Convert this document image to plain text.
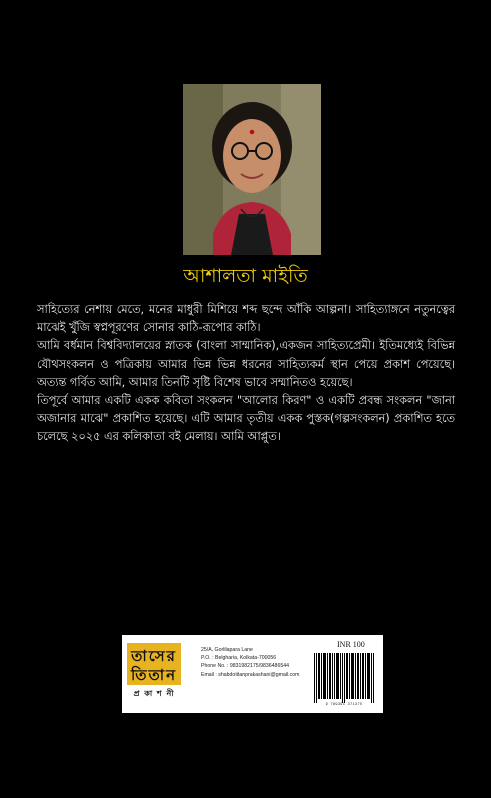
আশালতা মাইতি

সাহিত্যের নেশায় মেতে, মনের মাধুরী মিশিয়ে শব্দ ছন্দে আঁকি আল্পনা। সাহিত্যাঙ্গনে নতুনত্বের মাঝেই খুঁজি স্বপ্নপূরণের সোনার কাঠি-রূপোর কাঠি।

আমি বর্ধমান বিশ্ববিদ্যালয়ের স্নাতক (বাংলা সাম্মানিক),একজন সাহিত্যপ্রেমী। ইতিমধ্যেই বিভিন্ন যৌথসংকলন ও পত্রিকায় আমার ভিন্ন ভিন্ন ধরনের সাহিত্যকর্ম স্থান পেয়ে প্রকাশ পেয়েছে। অত্যন্ত গর্বিত আমি, আমার তিনটি সৃষ্টি বিশেষ ভাবে সম্মানিতও হয়েছে।

তিপূর্বে আমার একটি একক কবিতা সংকলন "আলোর কিরণ" ও একটি প্রবন্ধ সংকলন "জানা অজানার মাঝে" প্রকাশিত হয়েছে। এটি আমার তৃতীয় একক পুস্তক(গল্পসংকলন) প্রকাশিত হতে চলেছে ২০২৫ এর কলিকাতা বই মেলায়। আমি আপ্লুত।

তাসের
তিতান
প্র কা শ নী
25/A, Gorlilapara Lane
P.O. : Belgharia, Kolkata-700056
Phone No. : 9831982175/9836486544
Email : shabdotitanprakashani@gmail.com
INR 100
9 789391 371375
